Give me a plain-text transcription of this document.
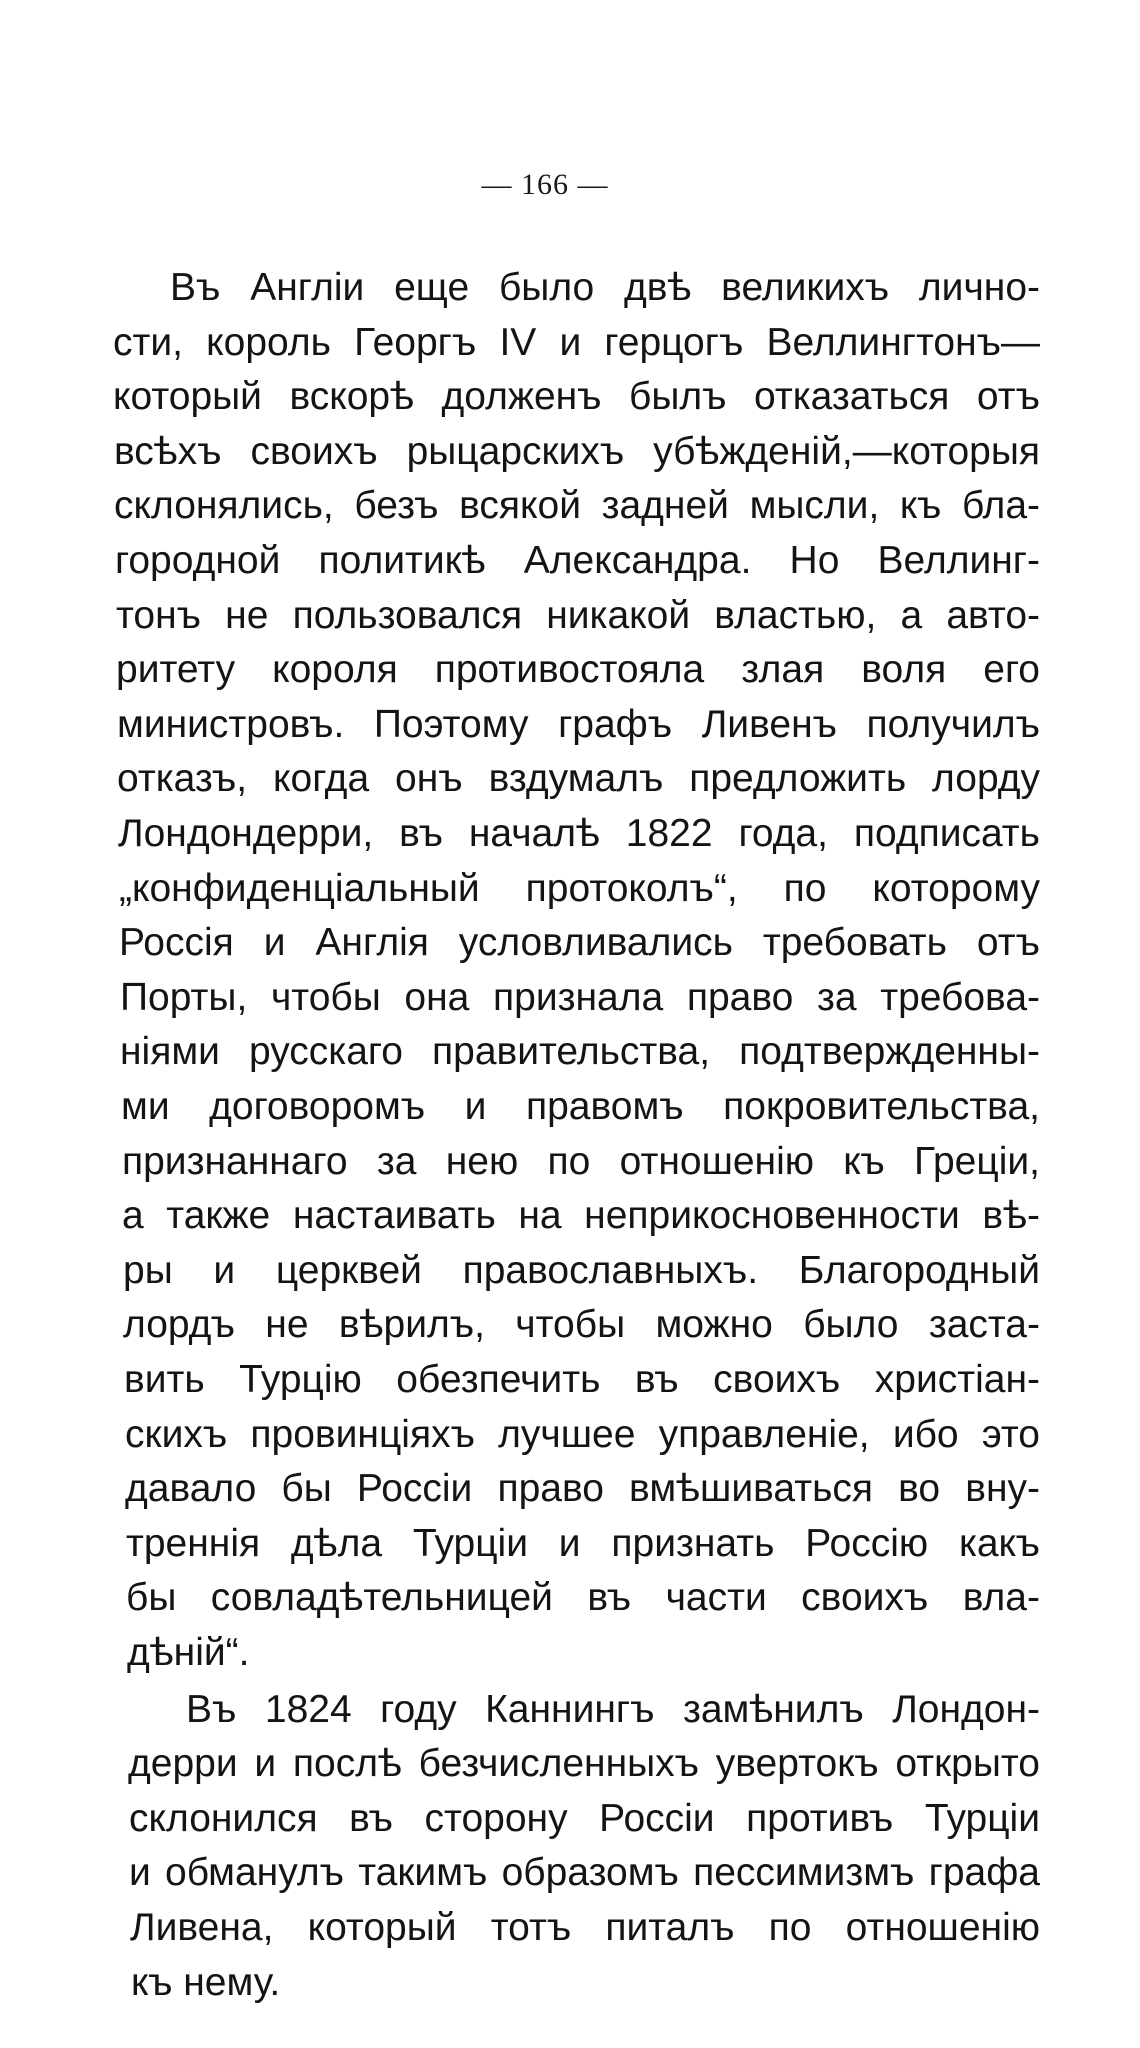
— 166 —
Въ Англіи еще было двѣ великихъ лично-
сти, король Георгъ IV и герцогъ Веллингтонъ—
который вскорѣ долженъ былъ отказаться отъ
всѣхъ своихъ рыцарскихъ убѣжденій,—которыя
склонялись, безъ всякой задней мысли, къ бла-
городной политикѣ Александра. Но Веллинг-
тонъ не пользовался никакой властью, а авто-
ритету короля противостояла злая воля его
министровъ. Поэтому графъ Ливенъ получилъ
отказъ, когда онъ вздумалъ предложить лорду
Лондондерри, въ началѣ 1822 года, подписать
„конфиденціальный протоколъ“, по которому
Россія и Англія условливались требовать отъ
Порты, чтобы она признала право за требова-
ніями русскаго правительства, подтвержденны-
ми договоромъ и правомъ покровительства,
признаннаго за нею по отношенію къ Греціи,
а также настаивать на неприкосновенности вѣ-
ры и церквей православныхъ. Благородный
лордъ не вѣрилъ, чтобы можно было заста-
вить Турцію обезпечить въ своихъ христіан-
скихъ провинціяхъ лучшее управленіе, ибо это
давало бы Россіи право вмѣшиваться во вну-
треннія дѣла Турціи и признать Россію какъ
бы совладѣтельницей въ части своихъ вла-
дѣній“.
Въ 1824 году Каннингъ замѣнилъ Лондон-
дерри и послѣ безчисленныхъ увертокъ открыто
склонился въ сторону Россіи противъ Турціи
и обманулъ такимъ образомъ пессимизмъ графа
Ливена, который тотъ питалъ по отношенію
къ нему.
